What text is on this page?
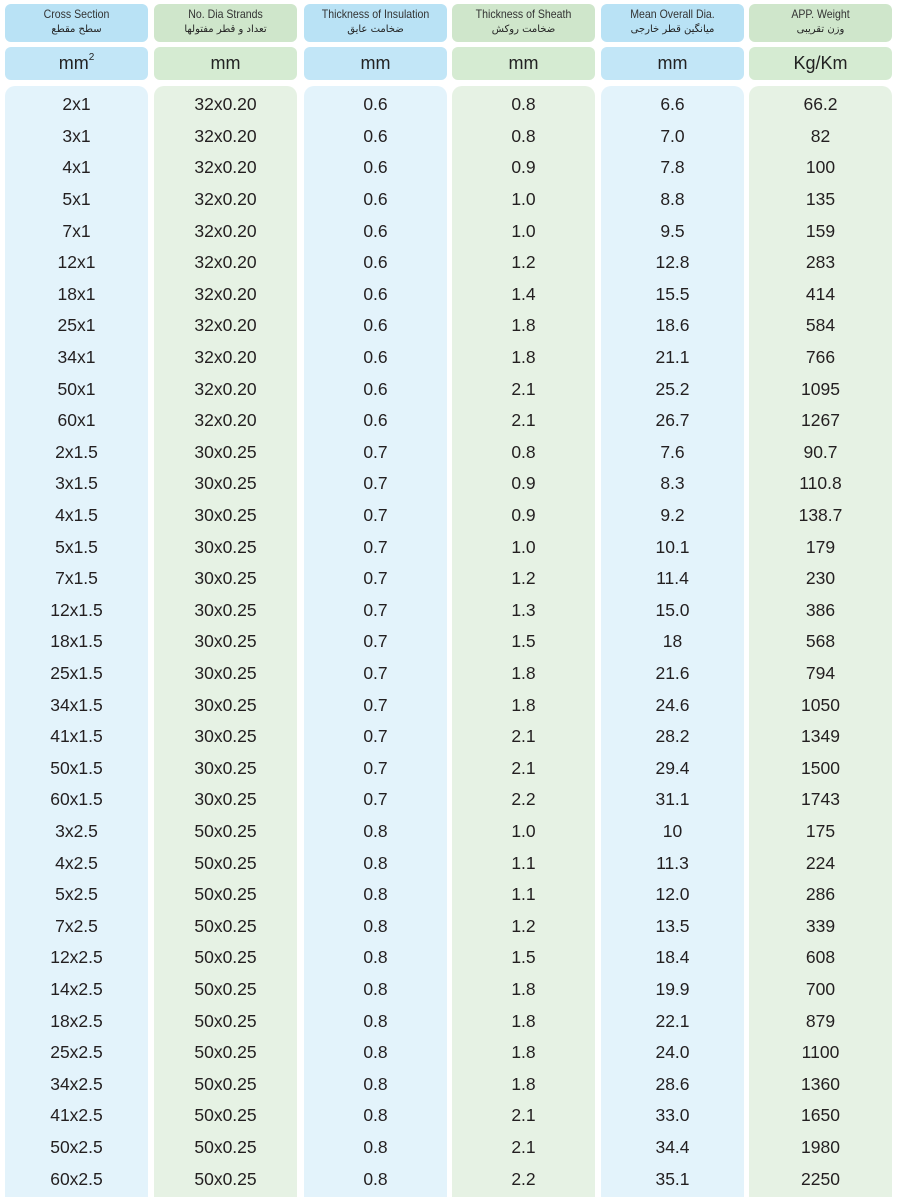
Cross Section
سطح مقطع
$mm^2$
2x1
3x1
4x1
5x1
7x1
12x1
18x1
25x1
34x1
50x1
60x1
2x1.5
3x1.5
4x1.5
5x1.5
7x1.5
12x1.5
18x1.5
25x1.5
34x1.5
41x1.5
50x1.5
60x1.5
3x2.5
4x2.5
5x2.5
7x2.5
12x2.5
14x2.5
18x2.5
25x2.5
34x2.5
41x2.5
50x2.5
60x2.5
No. Dia Strands
تعداد و قطر مفتولها
mm
32x0.20
32x0.20
32x0.20
32x0.20
32x0.20
32x0.20
32x0.20
32x0.20
32x0.20
32x0.20
32x0.20
30x0.25
30x0.25
30x0.25
30x0.25
30x0.25
30x0.25
30x0.25
30x0.25
30x0.25
30x0.25
30x0.25
30x0.25
50x0.25
50x0.25
50x0.25
50x0.25
50x0.25
50x0.25
50x0.25
50x0.25
50x0.25
50x0.25
50x0.25
50x0.25
Thickness of Insulation
ضخامت عایق
mm
0.6
0.6
0.6
0.6
0.6
0.6
0.6
0.6
0.6
0.6
0.6
0.7
0.7
0.7
0.7
0.7
0.7
0.7
0.7
0.7
0.7
0.7
0.7
0.8
0.8
0.8
0.8
0.8
0.8
0.8
0.8
0.8
0.8
0.8
0.8
Thickness of Sheath
ضخامت روکش
mm
0.8
0.8
0.9
1.0
1.0
1.2
1.4
1.8
1.8
2.1
2.1
0.8
0.9
0.9
1.0
1.2
1.3
1.5
1.8
1.8
2.1
2.1
2.2
1.0
1.1
1.1
1.2
1.5
1.8
1.8
1.8
1.8
2.1
2.1
2.2
Mean Overall Dia.
میانگین قطر خارجی
mm
6.6
7.0
7.8
8.8
9.5
12.8
15.5
18.6
21.1
25.2
26.7
7.6
8.3
9.2
10.1
11.4
15.0
18
21.6
24.6
28.2
29.4
31.1
10
11.3
12.0
13.5
18.4
19.9
22.1
24.0
28.6
33.0
34.4
35.1
APP. Weight
وزن تقریبی
Kg/Km
66.2
82
100
135
159
283
414
584
766
1095
1267
90.7
110.8
138.7
179
230
386
568
794
1050
1349
1500
1743
175
224
286
339
608
700
879
1100
1360
1650
1980
2250
